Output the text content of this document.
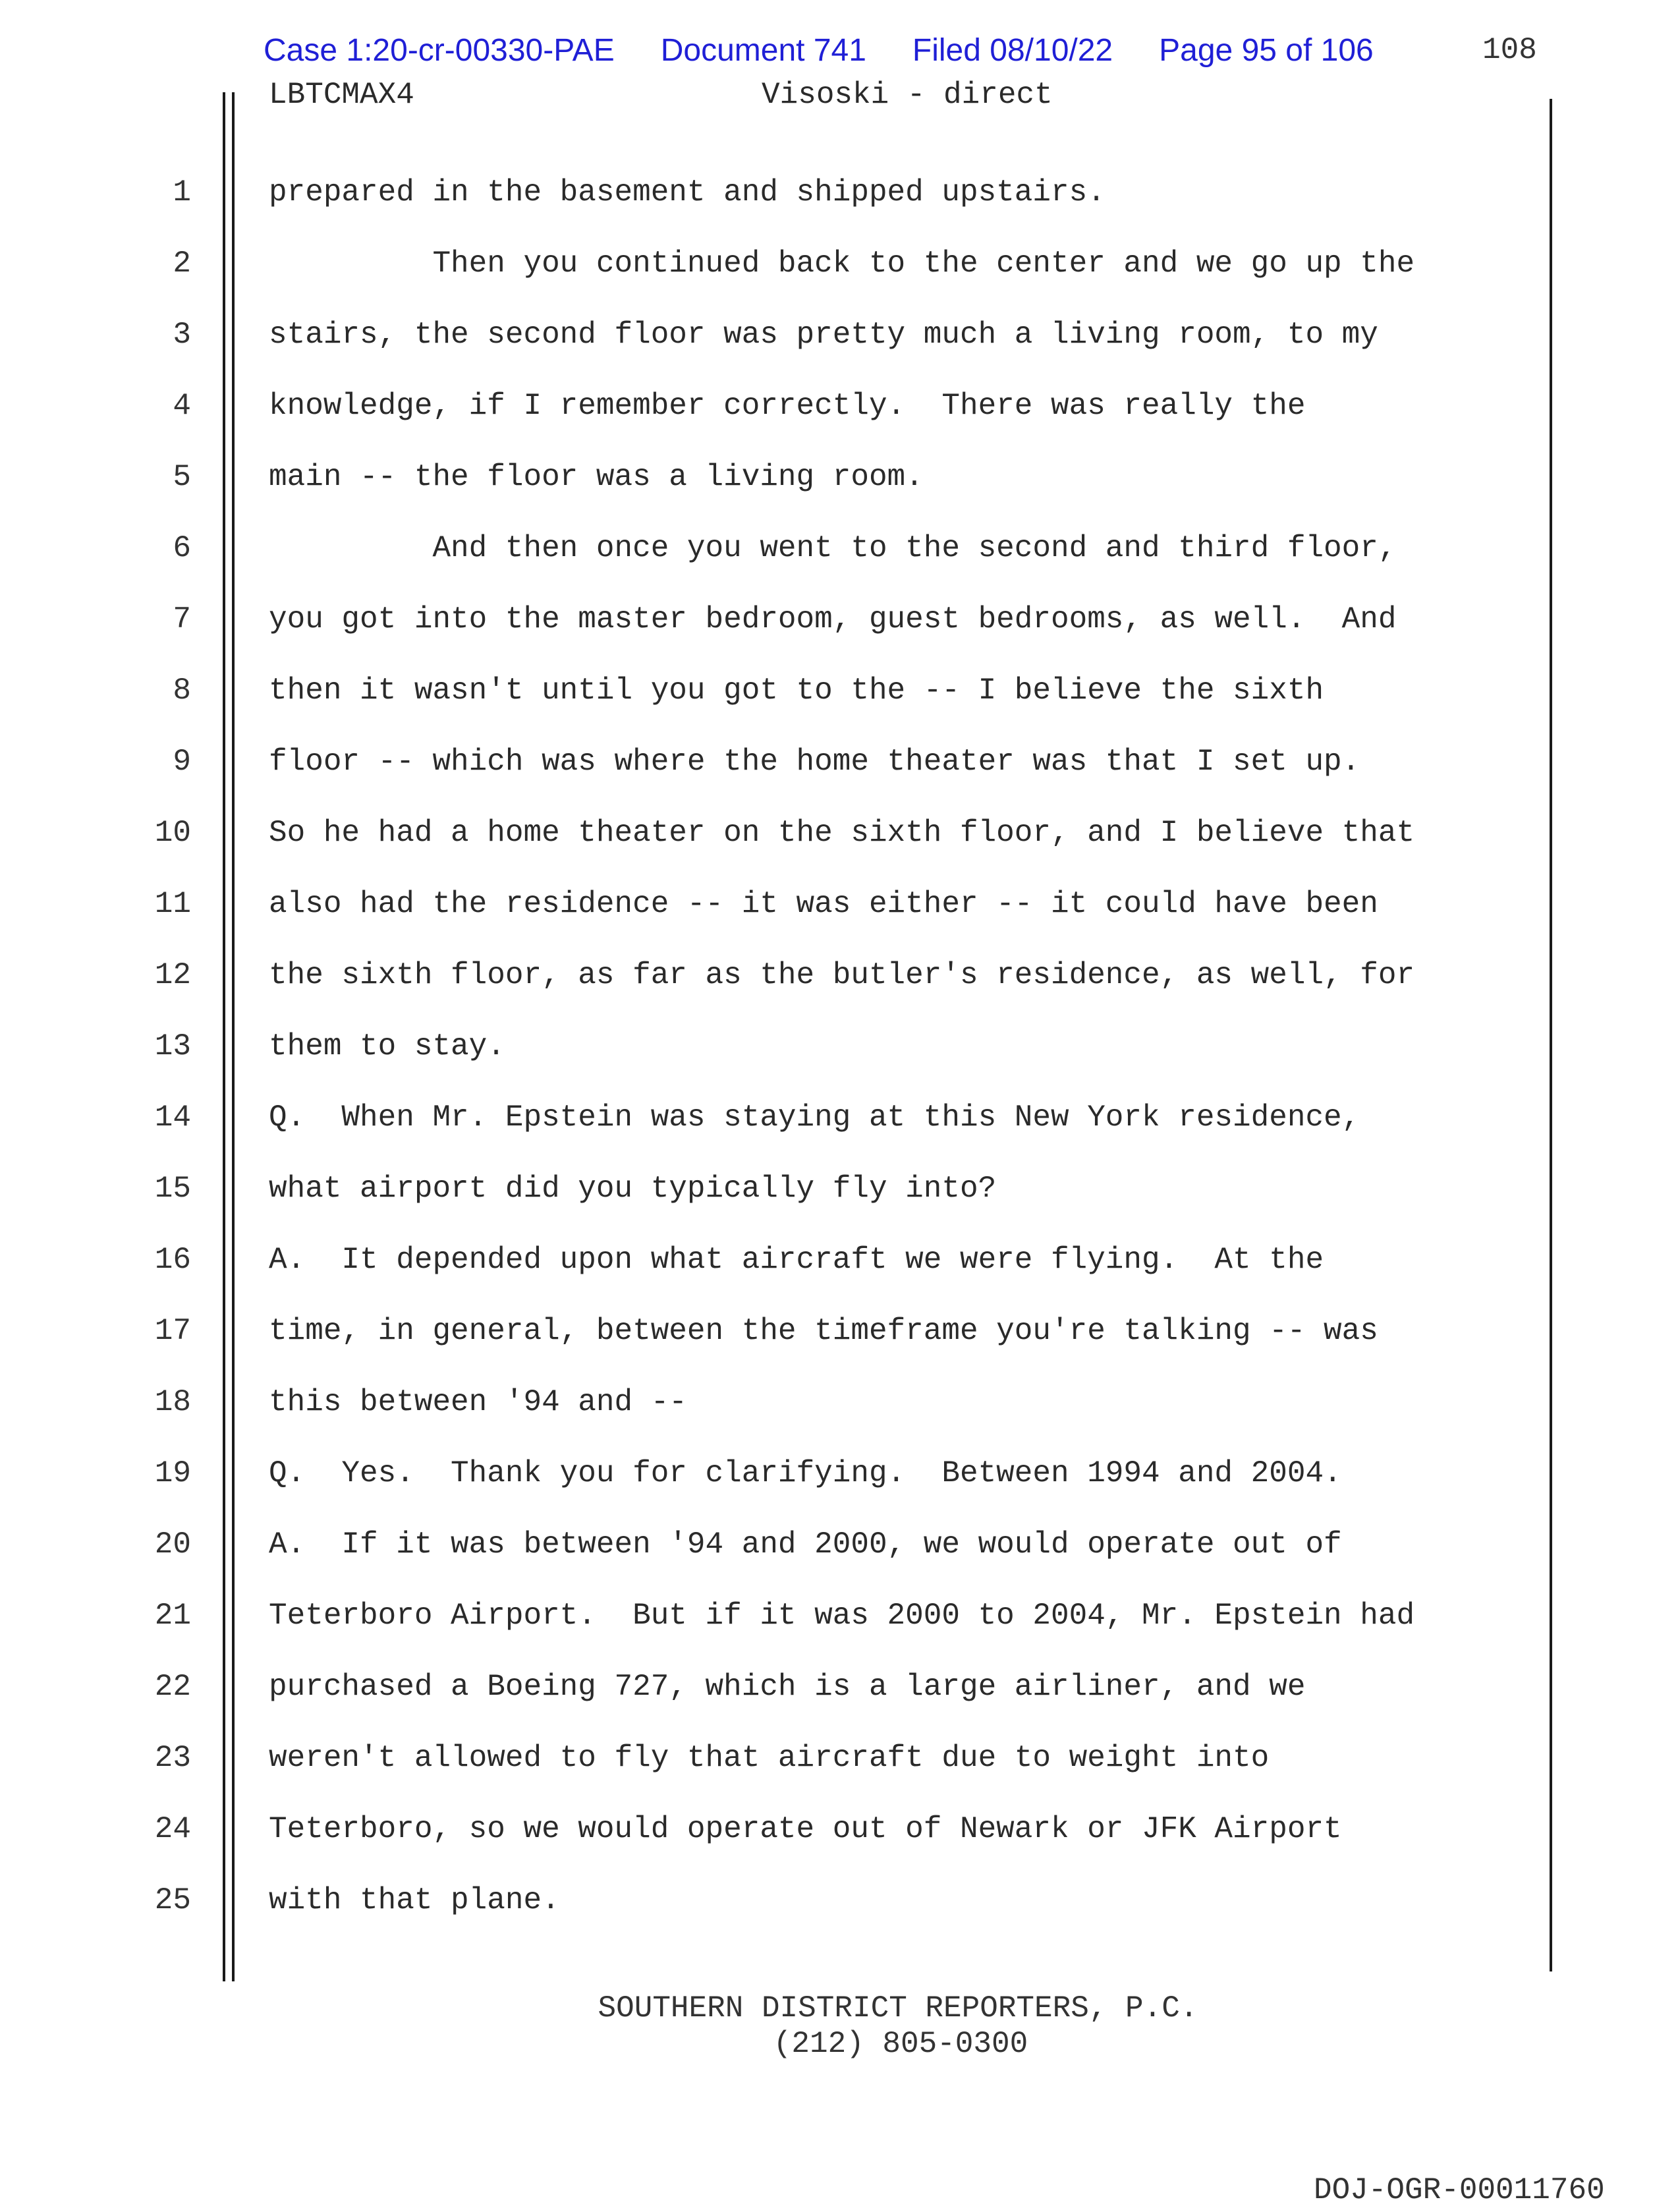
Case 1:20-cr-00330-PAE Document 741 Filed 08/10/22 Page 95 of 106	108
LBTCMAX4	Visoski - direct
1	prepared in the basement and shipped upstairs.
2	Then you continued back to the center and we go up the
3	stairs, the second floor was pretty much a living room, to my
4	knowledge, if I remember correctly.  There was really the
5	main -- the floor was a living room.
6	And then once you went to the second and third floor,
7	you got into the master bedroom, guest bedrooms, as well.  And
8	then it wasn't until you got to the -- I believe the sixth
9	floor -- which was where the home theater was that I set up.
10	So he had a home theater on the sixth floor, and I believe that
11	also had the residence -- it was either -- it could have been
12	the sixth floor, as far as the butler's residence, as well, for
13	them to stay.
14	Q.  When Mr. Epstein was staying at this New York residence,
15	what airport did you typically fly into?
16	A.  It depended upon what aircraft we were flying.  At the
17	time, in general, between the timeframe you're talking -- was
18	this between '94 and --
19	Q.  Yes.  Thank you for clarifying.  Between 1994 and 2004.
20	A.  If it was between '94 and 2000, we would operate out of
21	Teterboro Airport.  But if it was 2000 to 2004, Mr. Epstein had
22	purchased a Boeing 727, which is a large airliner, and we
23	weren't allowed to fly that aircraft due to weight into
24	Teterboro, so we would operate out of Newark or JFK Airport
25	with that plane.
SOUTHERN DISTRICT REPORTERS, P.C.
(212) 805-0300
DOJ-OGR-00011760
